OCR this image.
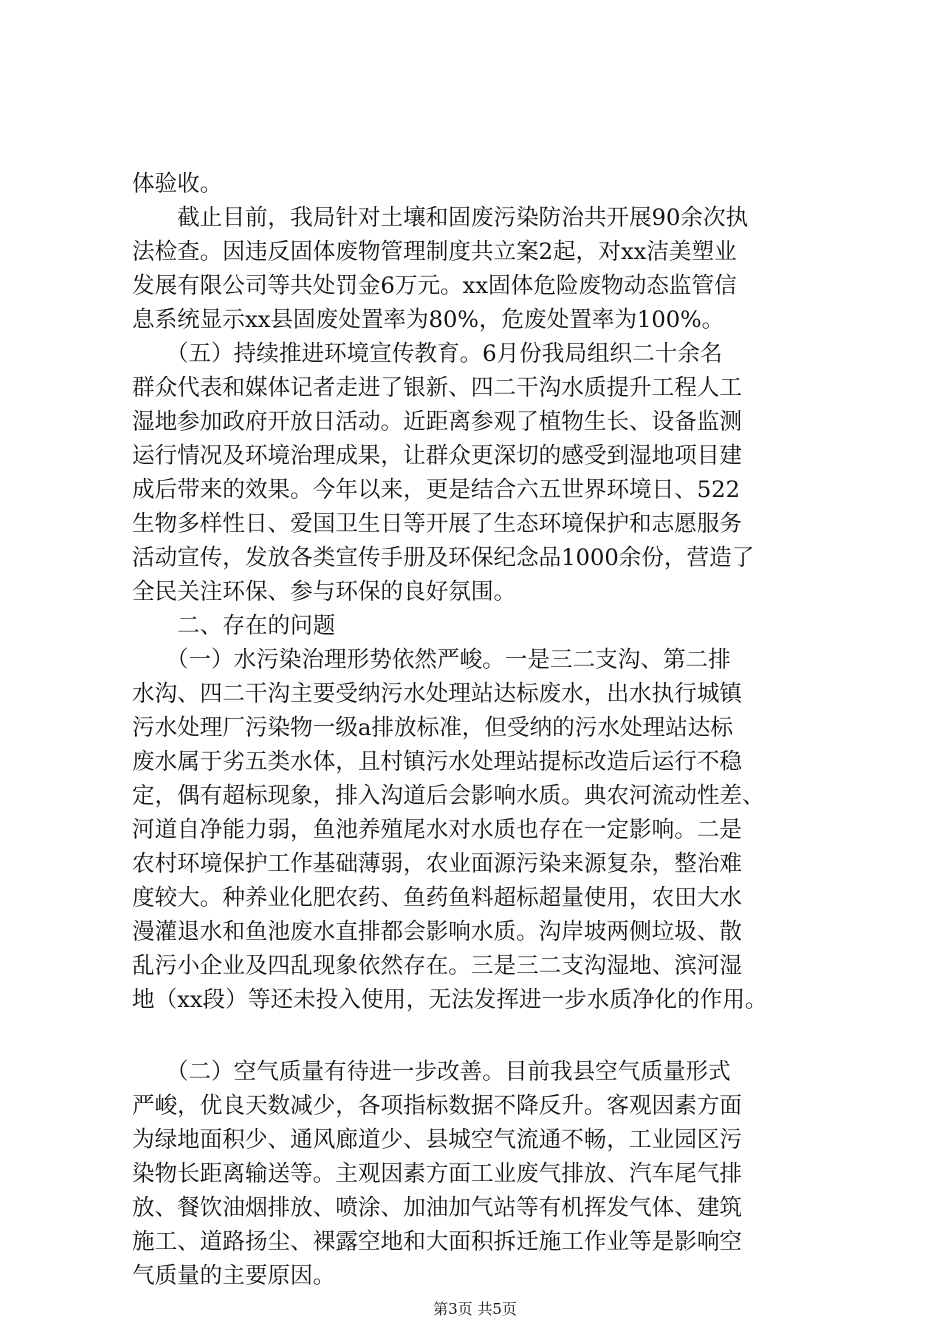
体验收。
　　截止目前，我局针对土壤和固废污染防治共开展90余次执
法检查。因违反固体废物管理制度共立案2起，对xx洁美塑业
发展有限公司等共处罚金6万元。xx固体危险废物动态监管信
息系统显示xx县固废处置率为80%，危废处置率为100%。
　　（五）持续推进环境宣传教育。6月份我局组织二十余名
群众代表和媒体记者走进了银新、四二干沟水质提升工程人工
湿地参加政府开放日活动。近距离参观了植物生长、设备监测
运行情况及环境治理成果，让群众更深切的感受到湿地项目建
成后带来的效果。今年以来，更是结合六五世界环境日、522
生物多样性日、爱国卫生日等开展了生态环境保护和志愿服务
活动宣传，发放各类宣传手册及环保纪念品1000余份，营造了
全民关注环保、参与环保的良好氛围。
　　二、存在的问题
　　（一）水污染治理形势依然严峻。一是三二支沟、第二排
水沟、四二干沟主要受纳污水处理站达标废水，出水执行城镇
污水处理厂污染物一级a排放标准，但受纳的污水处理站达标
废水属于劣五类水体，且村镇污水处理站提标改造后运行不稳
定，偶有超标现象，排入沟道后会影响水质。典农河流动性差、
河道自净能力弱，鱼池养殖尾水对水质也存在一定影响。二是
农村环境保护工作基础薄弱，农业面源污染来源复杂，整治难
度较大。种养业化肥农药、鱼药鱼料超标超量使用，农田大水
漫灌退水和鱼池废水直排都会影响水质。沟岸坡两侧垃圾、散
乱污小企业及四乱现象依然存在。三是三二支沟湿地、滨河湿
地（xx段）等还未投入使用，无法发挥进一步水质净化的作用。
　　（二）空气质量有待进一步改善。目前我县空气质量形式
严峻，优良天数减少，各项指标数据不降反升。客观因素方面
为绿地面积少、通风廊道少、县城空气流通不畅，工业园区污
染物长距离输送等。主观因素方面工业废气排放、汽车尾气排
放、餐饮油烟排放、喷涂、加油加气站等有机挥发气体、建筑
施工、道路扬尘、裸露空地和大面积拆迁施工作业等是影响空
气质量的主要原因。
第3页 共5页
